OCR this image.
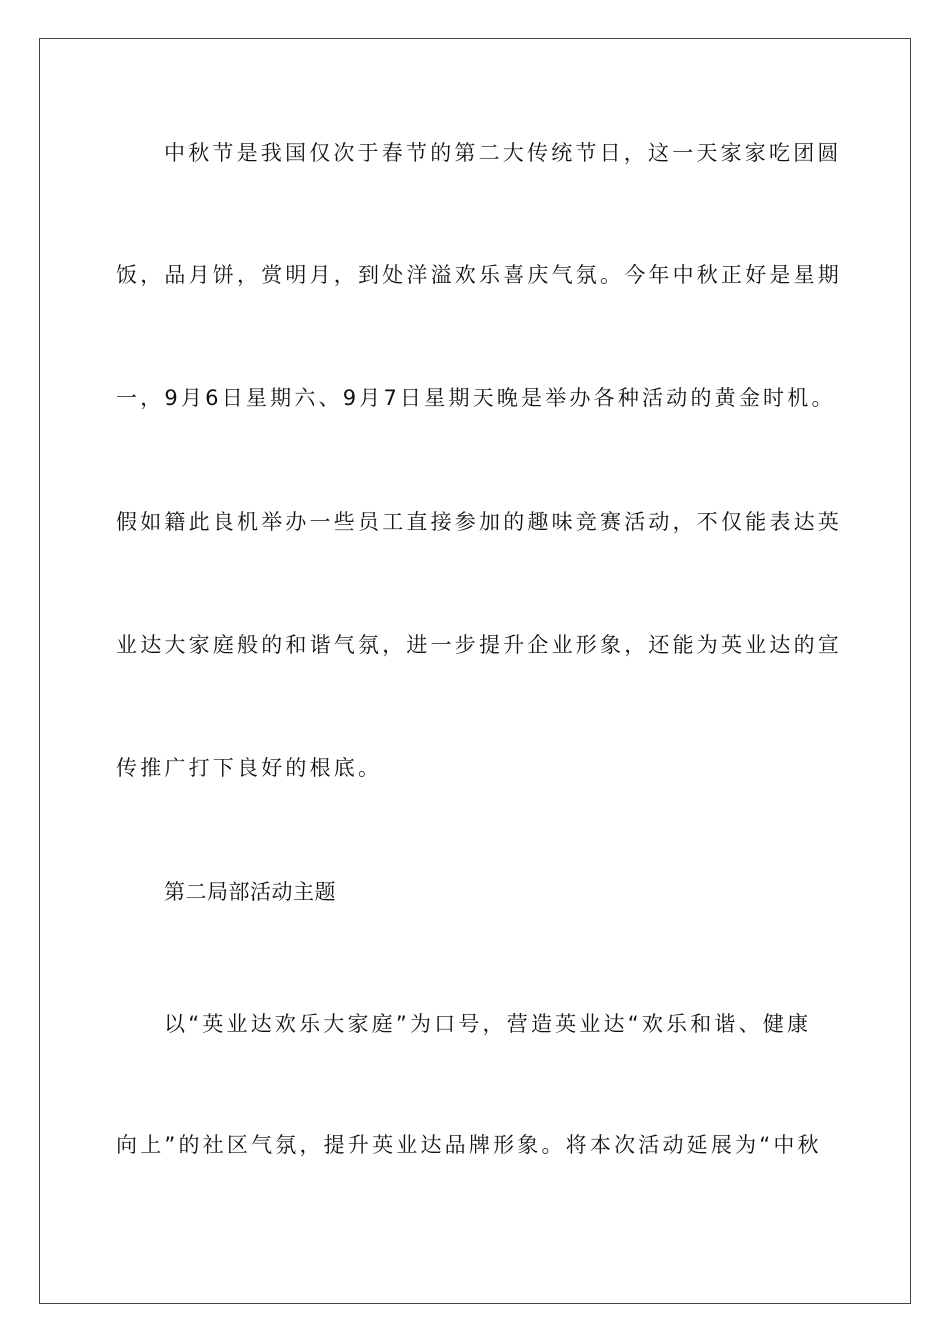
中秋节是我国仅次于春节的第二大传统节日，这一天家家吃团圆
饭，品月饼，赏明月，到处洋溢欢乐喜庆气氛。今年中秋正好是星期
一，9月6日星期六、9月7日星期天晚是举办各种活动的黄金时机。
假如籍此良机举办一些员工直接参加的趣味竞赛活动，不仅能表达英
业达大家庭般的和谐气氛，进一步提升企业形象，还能为英业达的宣
传推广打下良好的根底。
第二局部活动主题
以“英业达欢乐大家庭”为口号，营造英业达“欢乐和谐、健康
向上”的社区气氛，提升英业达品牌形象。将本次活动延展为“中秋
